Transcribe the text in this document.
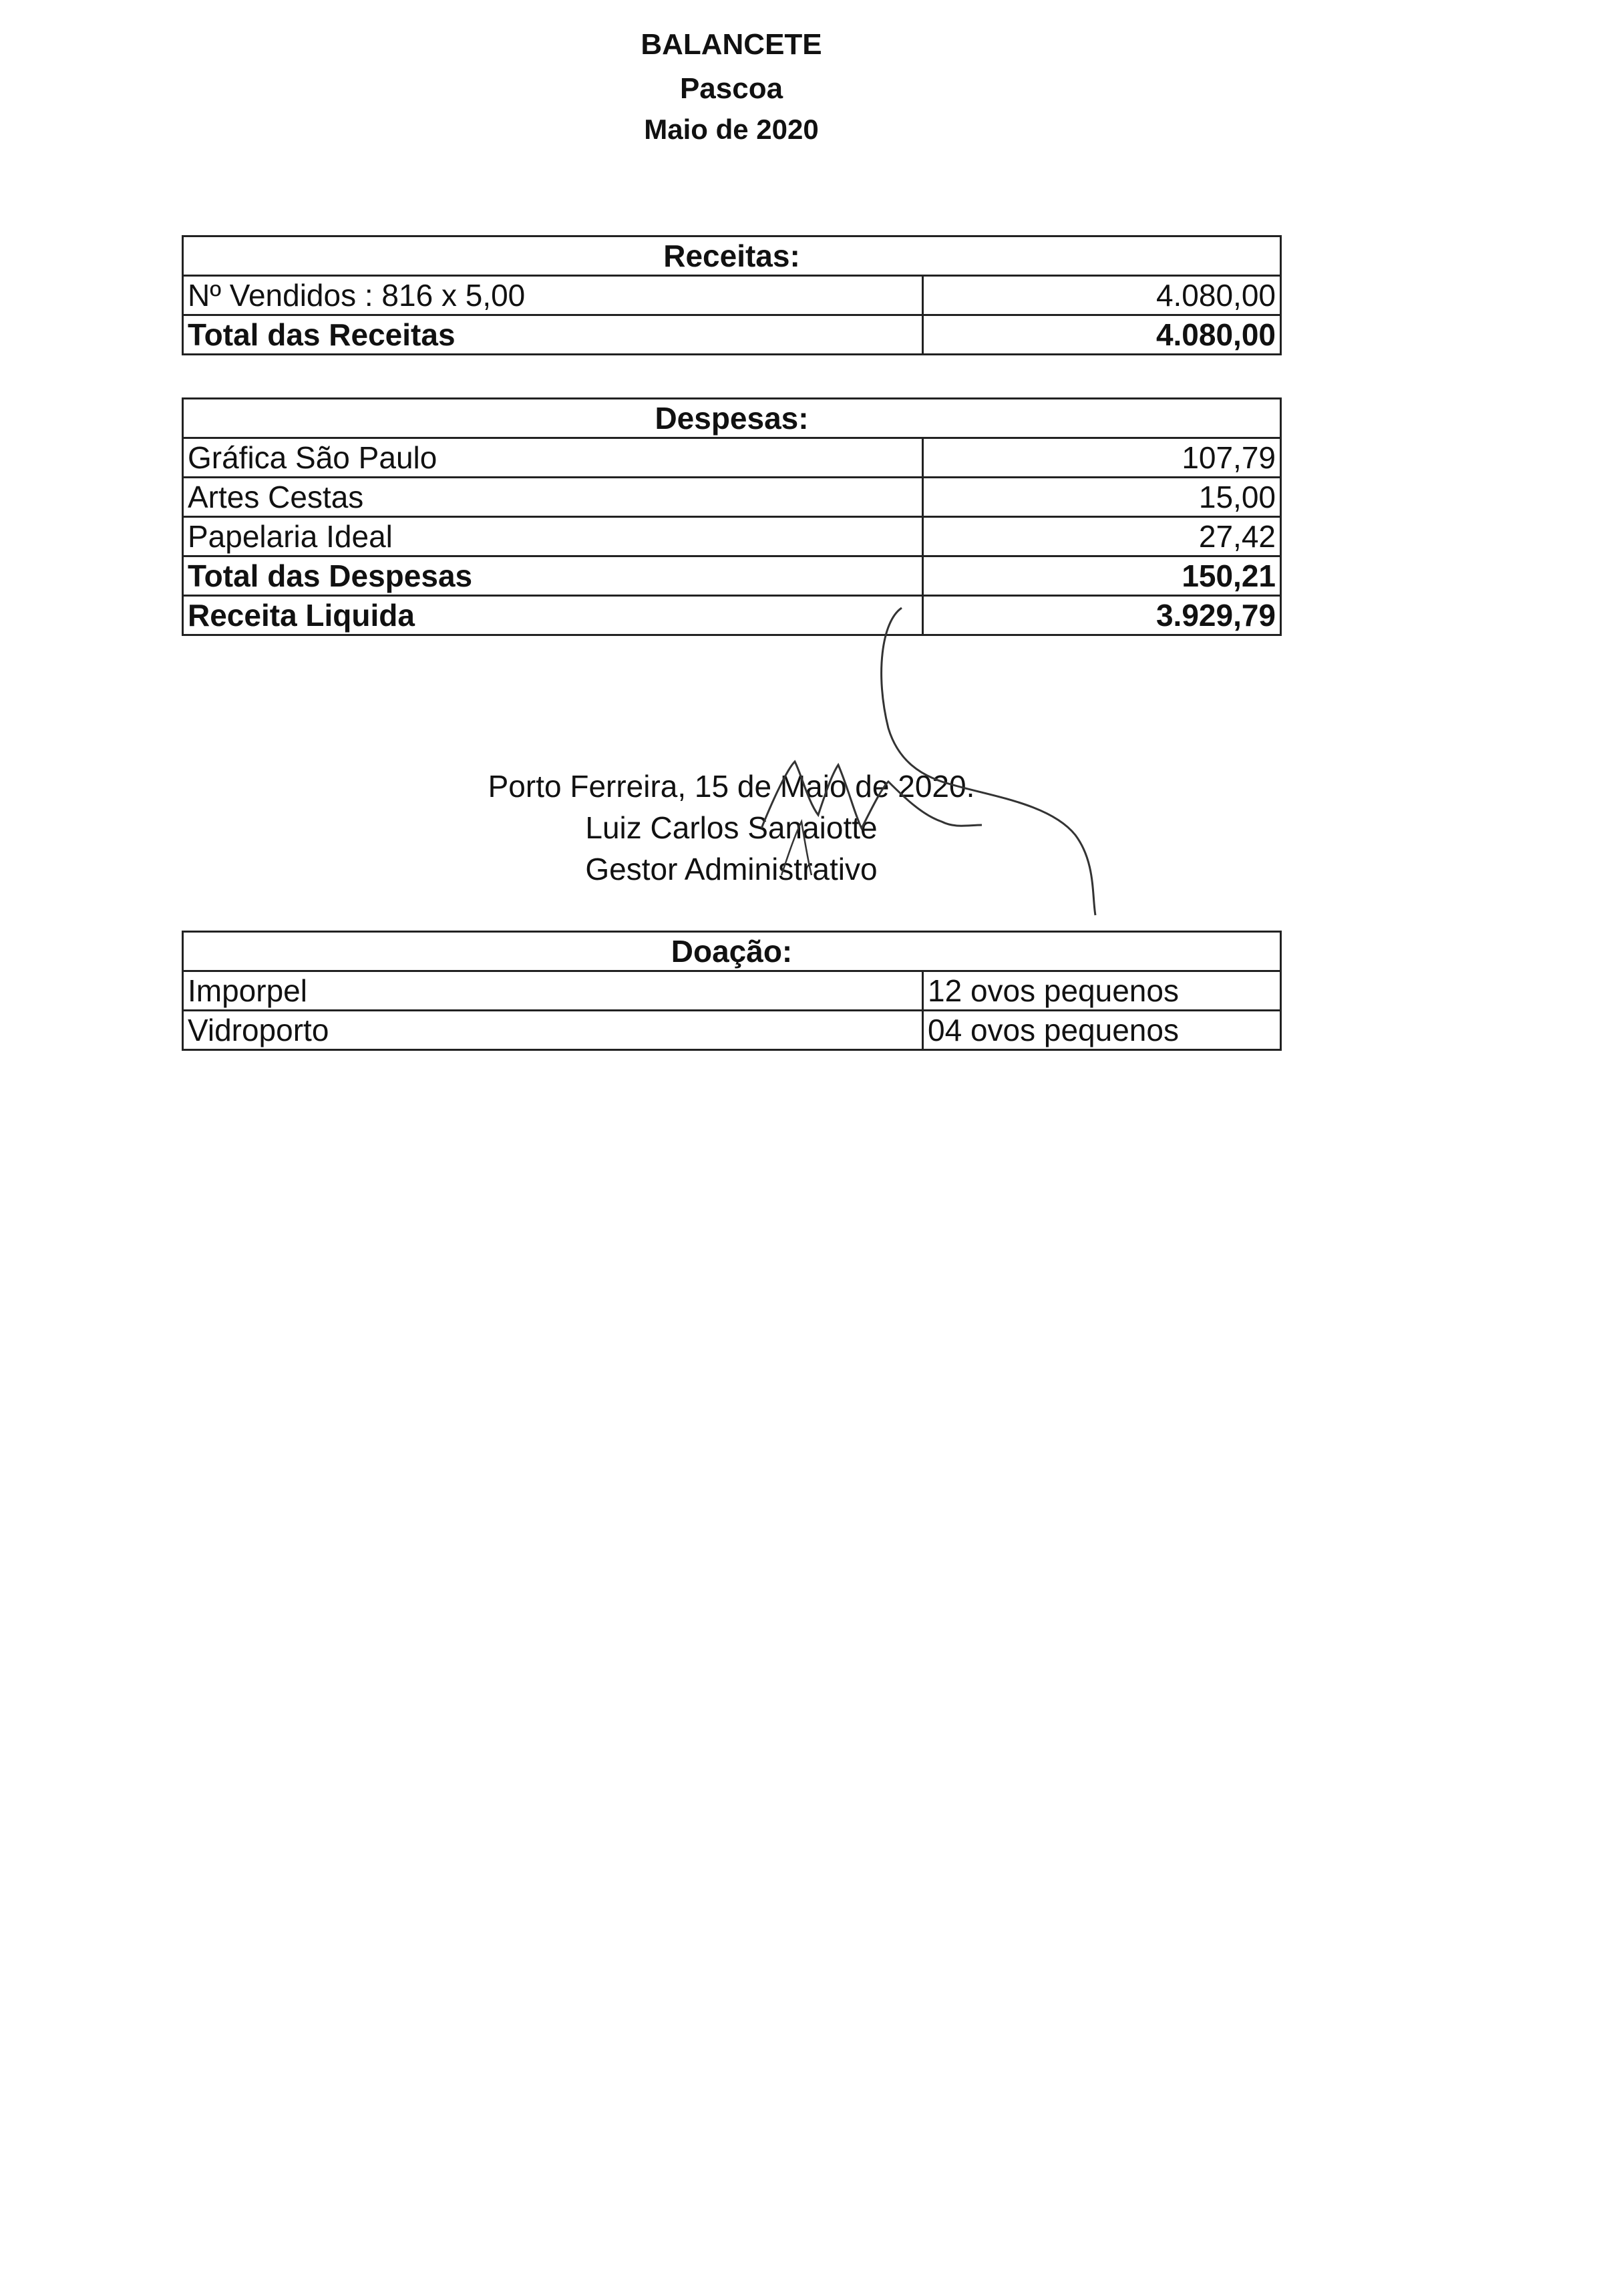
BALANCETE
Pascoa
Maio de 2020
Receitas:	
Nº Vendidos : 816 x 5,00	4.080,00
Total das Receitas	4.080,00
Despesas:	
Gráfica São Paulo	107,79
Artes Cestas	15,00
Papelaria Ideal	27,42
Total das Despesas	150,21
Receita Liquida	3.929,79
Porto Ferreira, 15 de Maio de 2020.
Luiz Carlos Sanaiotte
Gestor Administrativo
Doação:	
Imporpel	12 ovos pequenos
Vidroporto	04 ovos pequenos
